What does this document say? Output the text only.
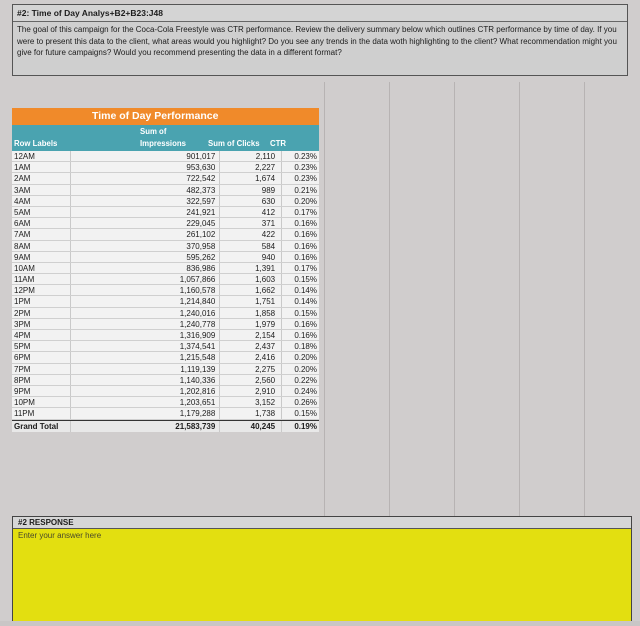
#2: Time of Day Analys+B2+B23:J48
The goal of this campaign for the Coca-Cola Freestyle was CTR performance. Review the delivery summary below which outlines CTR performance by time of day. If you were to present this data to the client, what areas would you highlight? Do you see any trends in the data woth highlighting to the client? What recommendation might you give for future campaigns? Would you recommend presenting the data in a different format?
Time of Day Performance
Row Labels
Sum of
Impressions	Sum of Clicks CTR
12AM	901,017	2,110	0.23%
1AM	953,630	2,227	0.23%
2AM	722,542	1,674	0.23%
3AM	482,373	989	0.21%
4AM	322,597	630	0.20%
5AM	241,921	412	0.17%
6AM	229,045	371	0.16%
7AM	261,102	422	0.16%
8AM	370,958	584	0.16%
9AM	595,262	940	0.16%
10AM	836,986	1,391	0.17%
11AM	1,057,866	1,603	0.15%
12PM	1,160,578	1,662	0.14%
1PM	1,214,840	1,751	0.14%
2PM	1,240,016	1,858	0.15%
3PM	1,240,778	1,979	0.16%
4PM	1,316,909	2,154	0.16%
5PM	1,374,541	2,437	0.18%
6PM	1,215,548	2,416	0.20%
7PM	1,119,139	2,275	0.20%
8PM	1,140,336	2,560	0.22%
9PM	1,202,816	2,910	0.24%
10PM	1,203,651	3,152	0.26%
11PM	1,179,288	1,738	0.15%
Grand Total	21,583,739	40,245	0.19%
#2 RESPONSE
Enter your answer here
